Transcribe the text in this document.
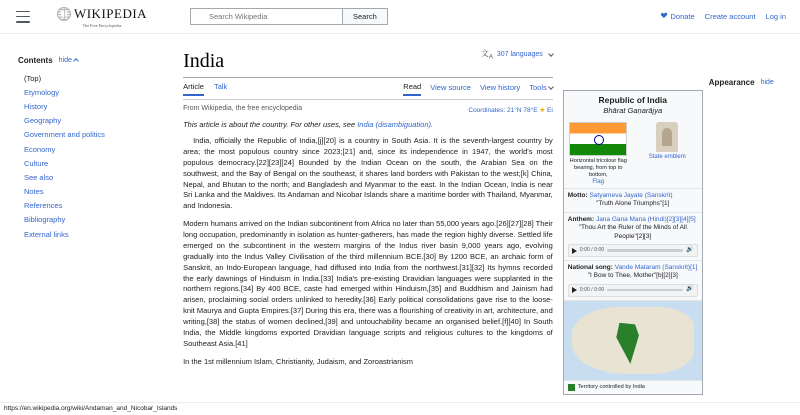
WIKIPEDIA
The Free Encyclopedia
Search Wikipedia
Search	Donate Create account Log in
Contents hide
(Top)
Etymology
History
Geography
Government and politics
Economy
Culture
See also
Notes
References
Bibliography
External links
India	文$_A$ 307 languages
Article Talk	Read View source View history Tools
From Wikipedia, the free encyclopedia	Coordinates: 21°N 78°E ★ Ei
This article is about the country. For other uses, see India (disambiguation).

India, officially the Republic of India,[j][20] is a country in South Asia. It is the seventh-largest country by area; the most populous country since 2023;[21] and, since its independence in 1947, the world's most populous democracy.[22][23][24] Bounded by the Indian Ocean on the south, the Arabian Sea on the southwest, and the Bay of Bengal on the southeast, it shares land borders with Pakistan to the west;[k] China, Nepal, and Bhutan to the north; and Bangladesh and Myanmar to the east. In the Indian Ocean, India is near Sri Lanka and the Maldives. Its Andaman and Nicobar Islands share a maritime border with Thailand, Myanmar, and Indonesia.

Modern humans arrived on the Indian subcontinent from Africa no later than 55,000 years ago.[26][27][28] Their long occupation, predominantly in isolation as hunter-gatherers, has made the region highly diverse. Settled life emerged on the subcontinent in the western margins of the Indus river basin 9,000 years ago, evolving gradually into the Indus Valley Civilisation of the third millennium BCE.[30] By 1200 BCE, an archaic form of Sanskrit, an Indo-European language, had diffused into India from the northwest.[31][32] Its hymns recorded the early dawnings of Hinduism in India.[33] India's pre-existing Dravidian languages were supplanted in the northern regions.[34] By 400 BCE, caste had emerged within Hinduism,[35] and Buddhism and Jainism had arisen, proclaiming social orders unlinked to heredity.[36] Early political consolidations gave rise to the loose-knit Maurya and Gupta Empires.[37] During this era, there was a flourishing of creativity in art, architecture, and writing,[38] the status of women declined,[39] and untouchability became an organised belief.[f][40] In South India, the Middle kingdoms exported Dravidian language scripts and religious cultures to the kingdoms of Southeast Asia.[41]

In the 1st millennium Islam, Christianity, Judaism, and Zoroastrianism

Republic of India
Bhārat Gaṇarājya
Horizontal tricolour flag bearing, from top to bottom,
Flag
State emblem
Motto: Satyameva Jayate (Sanskrit)
"Truth Alone Triumphs"[1]
Anthem: Jana Gana Mana (Hindi)[2][3][4][5]
"Thou Art the Ruler of the Minds of All People"[2][3]
0:00 / 0:00	🔊
National song: Vande Mataram (Sanskrit)[1]
"I Bow to Thee, Mother"[b][2][3]
0:00 / 0:00	🔊
Territory controlled by India
Appearance hide
https://en.wikipedia.org/wiki/Andaman_and_Nicobar_Islands
